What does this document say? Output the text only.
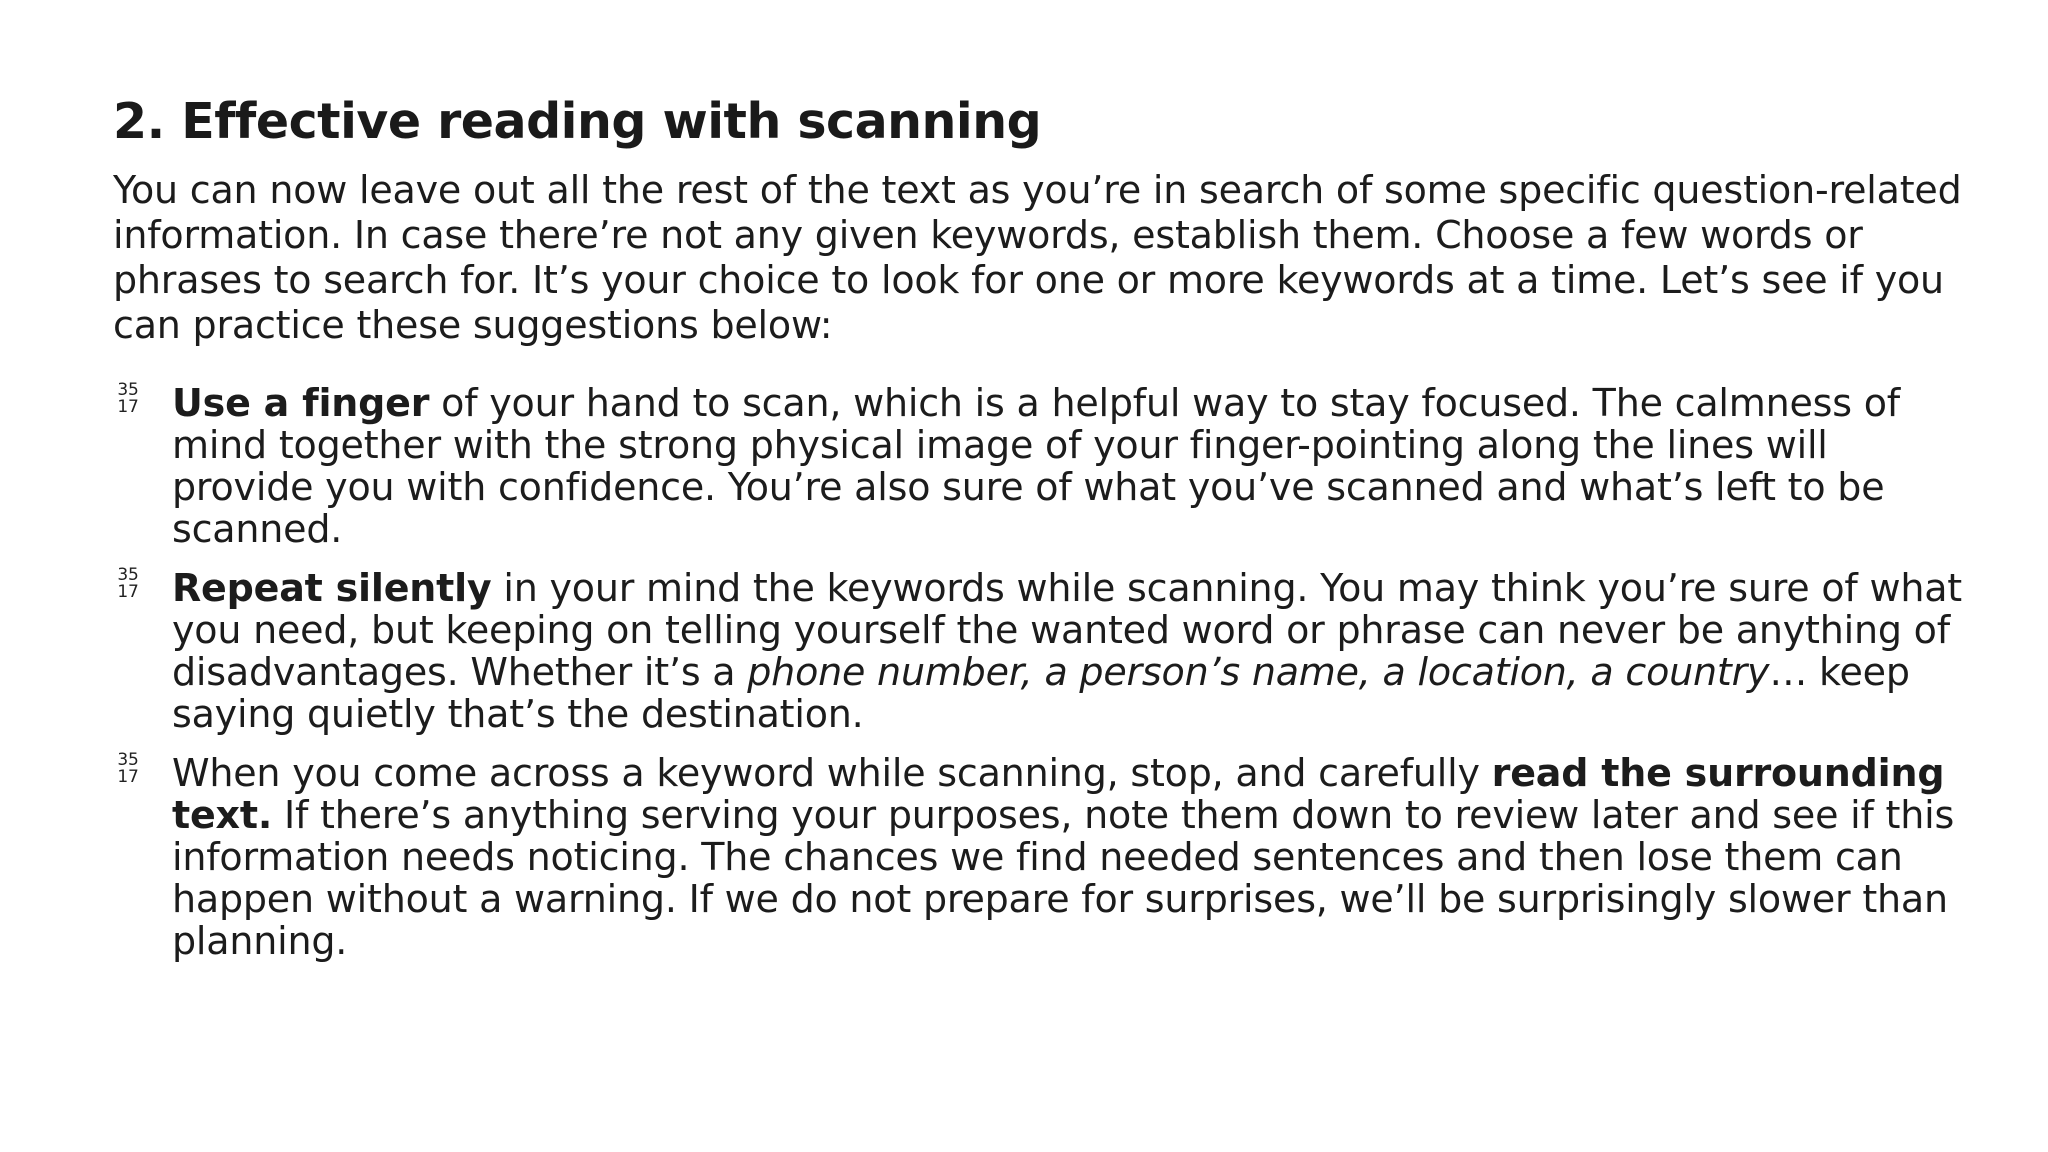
2. Effective reading with scanning

You can now leave out all the rest of the text as you’re in search of some specific question-related information. In case there’re not any given keywords, establish them. Choose a few words or phrases to search for. It’s your choice to look for one or more keywords at a time. Let’s see if you can practice these suggestions below:

35
17 Use a finger of your hand to scan, which is a helpful way to stay focused. The calmness of mind together with the strong physical image of your finger-pointing along the lines will provide you with confidence. You’re also sure of what you’ve scanned and what’s left to be scanned.
35
17 Repeat silently in your mind the keywords while scanning. You may think you’re sure of what you need, but keeping on telling yourself the wanted word or phrase can never be anything of disadvantages. Whether it’s a phone number, a person’s name, a location, a country… keep saying quietly that’s the destination.
35
17 When you come across a keyword while scanning, stop, and carefully read the surrounding text. If there’s anything serving your purposes, note them down to review later and see if this information needs noticing. The chances we find needed sentences and then lose them can happen without a warning. If we do not prepare for surprises, we’ll be surprisingly slower than planning.
